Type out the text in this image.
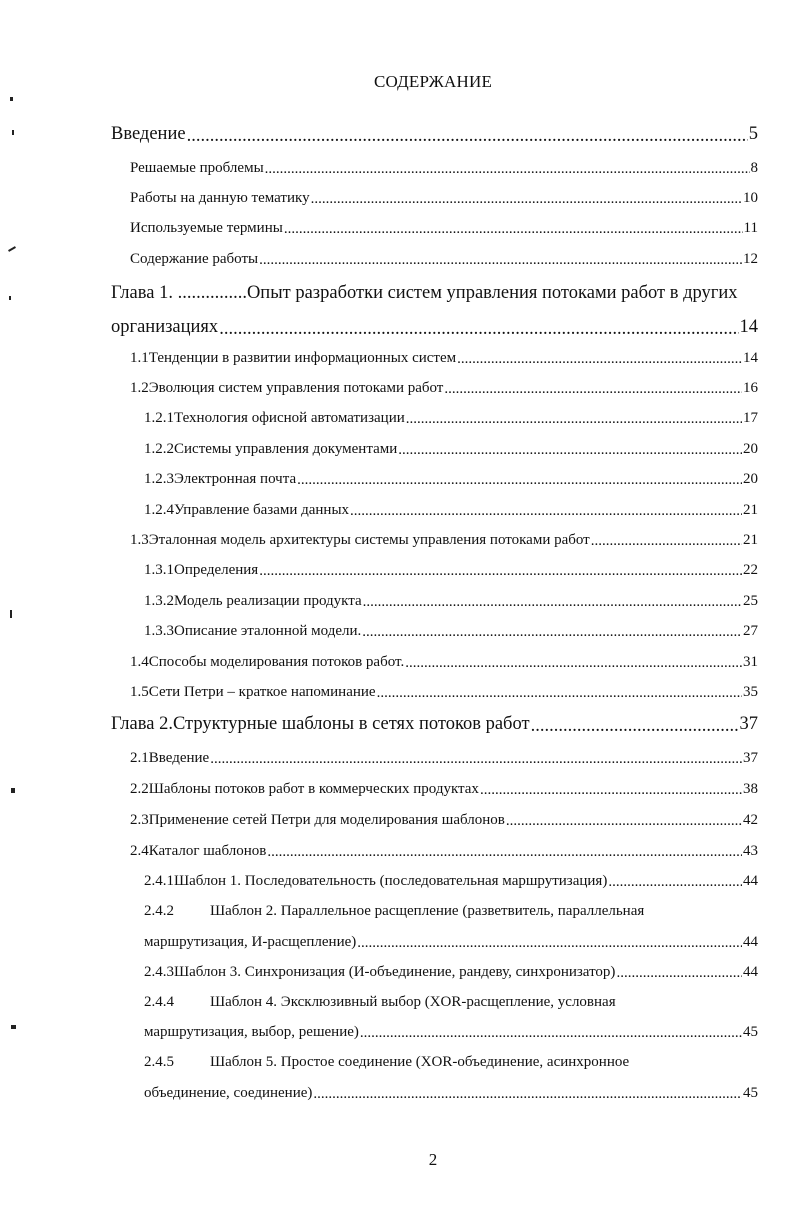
СОДЕРЖАНИЕ
Введение .....	5
Решаемые проблемы .....	8
Работы на данную тематику .....	10
Используемые термины .....	11
Содержание работы .....	12
Глава 1. ...............Опыт разработки систем управления потоками работ в других
организациях .....	14
1.1 Тенденции в развитии информационных систем .....	14
1.2 Эволюция систем управления потоками работ .....	16
1.2.1 Технология офисной автоматизации .....	17
1.2.2 Системы управления документами .....	20
1.2.3 Электронная почта .....	20
1.2.4 Управление базами данных .....	21
1.3 Эталонная модель архитектуры системы управления потоками работ .....	21
1.3.1 Определения .....	22
1.3.2 Модель реализации продукта .....	25
1.3.3 Описание эталонной модели. .....	27
1.4 Способы моделирования потоков работ. .....	31
1.5 Сети Петри – краткое напоминание .....	35
Глава 2.Структурные шаблоны в сетях потоков работ .....	37
2.1 Введение .....	37
2.2 Шаблоны потоков работ в коммерческих продуктах .....	38
2.3 Применение сетей Петри для моделирования шаблонов .....	42
2.4 Каталог шаблонов .....	43
2.4.1 Шаблон 1. Последовательность (последовательная маршрутизация) .....	44
2.4.2 Шаблон 2. Параллельное расщепление (разветвитель, параллельная
маршрутизация, И-расщепление) .....	44
2.4.3 Шаблон 3. Синхронизация (И-объединение, рандеву, синхронизатор) .....	44
2.4.4 Шаблон 4. Эксклюзивный выбор (XOR-расщепление, условная
маршрутизация, выбор, решение) .....	45
2.4.5 Шаблон 5. Простое соединение (XOR-объединение, асинхронное
объединение, соединение) .....	45
2
